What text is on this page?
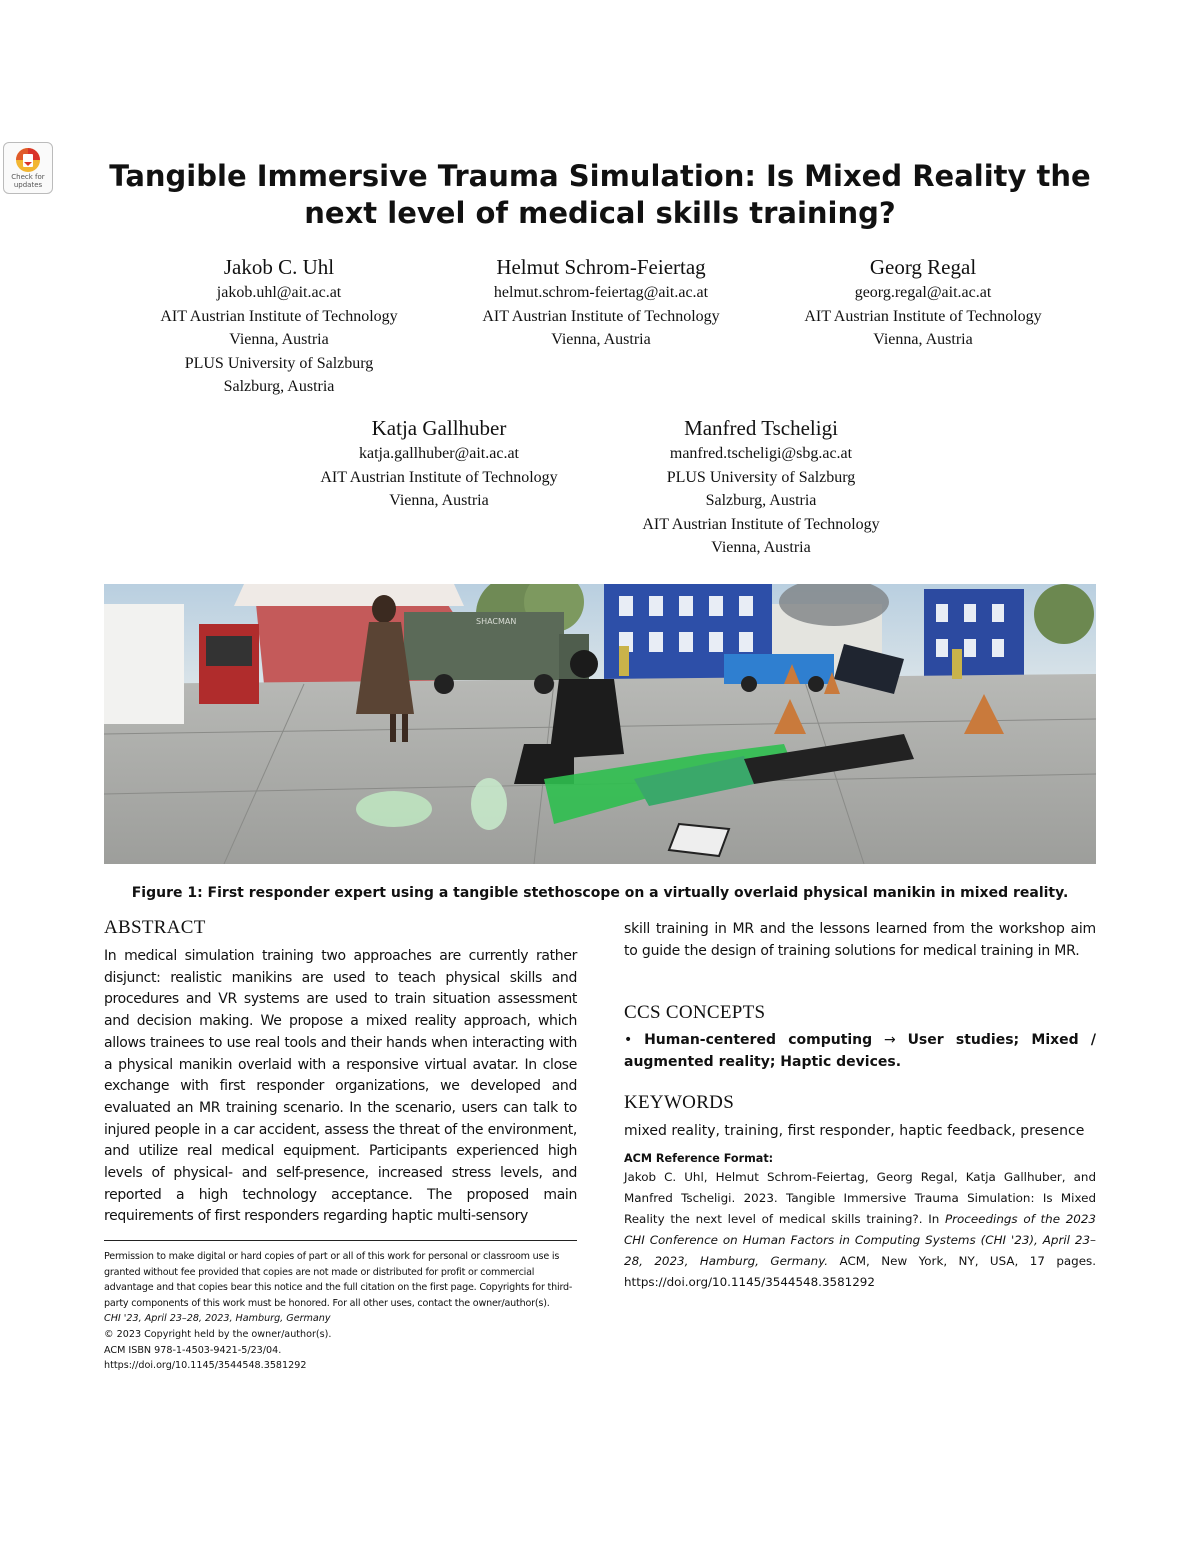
Check for updates	Tangible Immersive Trauma Simulation: Is Mixed Reality the next level of medical skills training?
Jakob C. Uhl
jakob.uhl@ait.ac.at
AIT Austrian Institute of Technology
Vienna, Austria
PLUS University of Salzburg
Salzburg, Austria
Helmut Schrom-Feiertag
helmut.schrom-feiertag@ait.ac.at
AIT Austrian Institute of Technology
Vienna, Austria
Georg Regal
georg.regal@ait.ac.at
AIT Austrian Institute of Technology
Vienna, Austria
Katja Gallhuber
katja.gallhuber@ait.ac.at
AIT Austrian Institute of Technology
Vienna, Austria
Manfred Tscheligi
manfred.tscheligi@sbg.ac.at
PLUS University of Salzburg
Salzburg, Austria
AIT Austrian Institute of Technology
Vienna, Austria
SHACMAN
Figure 1: First responder expert using a tangible stethoscope on a virtually overlaid physical manikin in mixed reality.
ABSTRACT

In medical simulation training two approaches are currently rather disjunct: realistic manikins are used to teach physical skills and procedures and VR systems are used to train situation assessment and decision making. We propose a mixed reality approach, which allows trainees to use real tools and their hands when interacting with a physical manikin overlaid with a responsive virtual avatar. In close exchange with first responder organizations, we developed and evaluated an MR training scenario. In the scenario, users can talk to injured people in a car accident, assess the threat of the environment, and utilize real medical equipment. Participants experienced high levels of physical- and self-presence, increased stress levels, and reported a high technology acceptance. The proposed main requirements of first responders regarding haptic multi-sensory

Permission to make digital or hard copies of part or all of this work for personal or classroom use is granted without fee provided that copies are not made or distributed for profit or commercial advantage and that copies bear this notice and the full citation on the first page. Copyrights for third-party components of this work must be honored. For all other uses, contact the owner/author(s).

CHI '23, April 23–28, 2023, Hamburg, Germany

© 2023 Copyright held by the owner/author(s).

ACM ISBN 978-1-4503-9421-5/23/04.

https://doi.org/10.1145/3544548.3581292

skill training in MR and the lessons learned from the workshop aim to guide the design of training solutions for medical training in MR.

CCS CONCEPTS

• Human-centered computing → User studies; Mixed / augmented reality; Haptic devices.

KEYWORDS

mixed reality, training, first responder, haptic feedback, presence

ACM Reference Format:
Jakob C. Uhl, Helmut Schrom-Feiertag, Georg Regal, Katja Gallhuber, and Manfred Tscheligi. 2023. Tangible Immersive Trauma Simulation: Is Mixed Reality the next level of medical skills training?. In Proceedings of the 2023 CHI Conference on Human Factors in Computing Systems (CHI '23), April 23–28, 2023, Hamburg, Germany. ACM, New York, NY, USA, 17 pages. https://doi.org/10.1145/3544548.3581292
